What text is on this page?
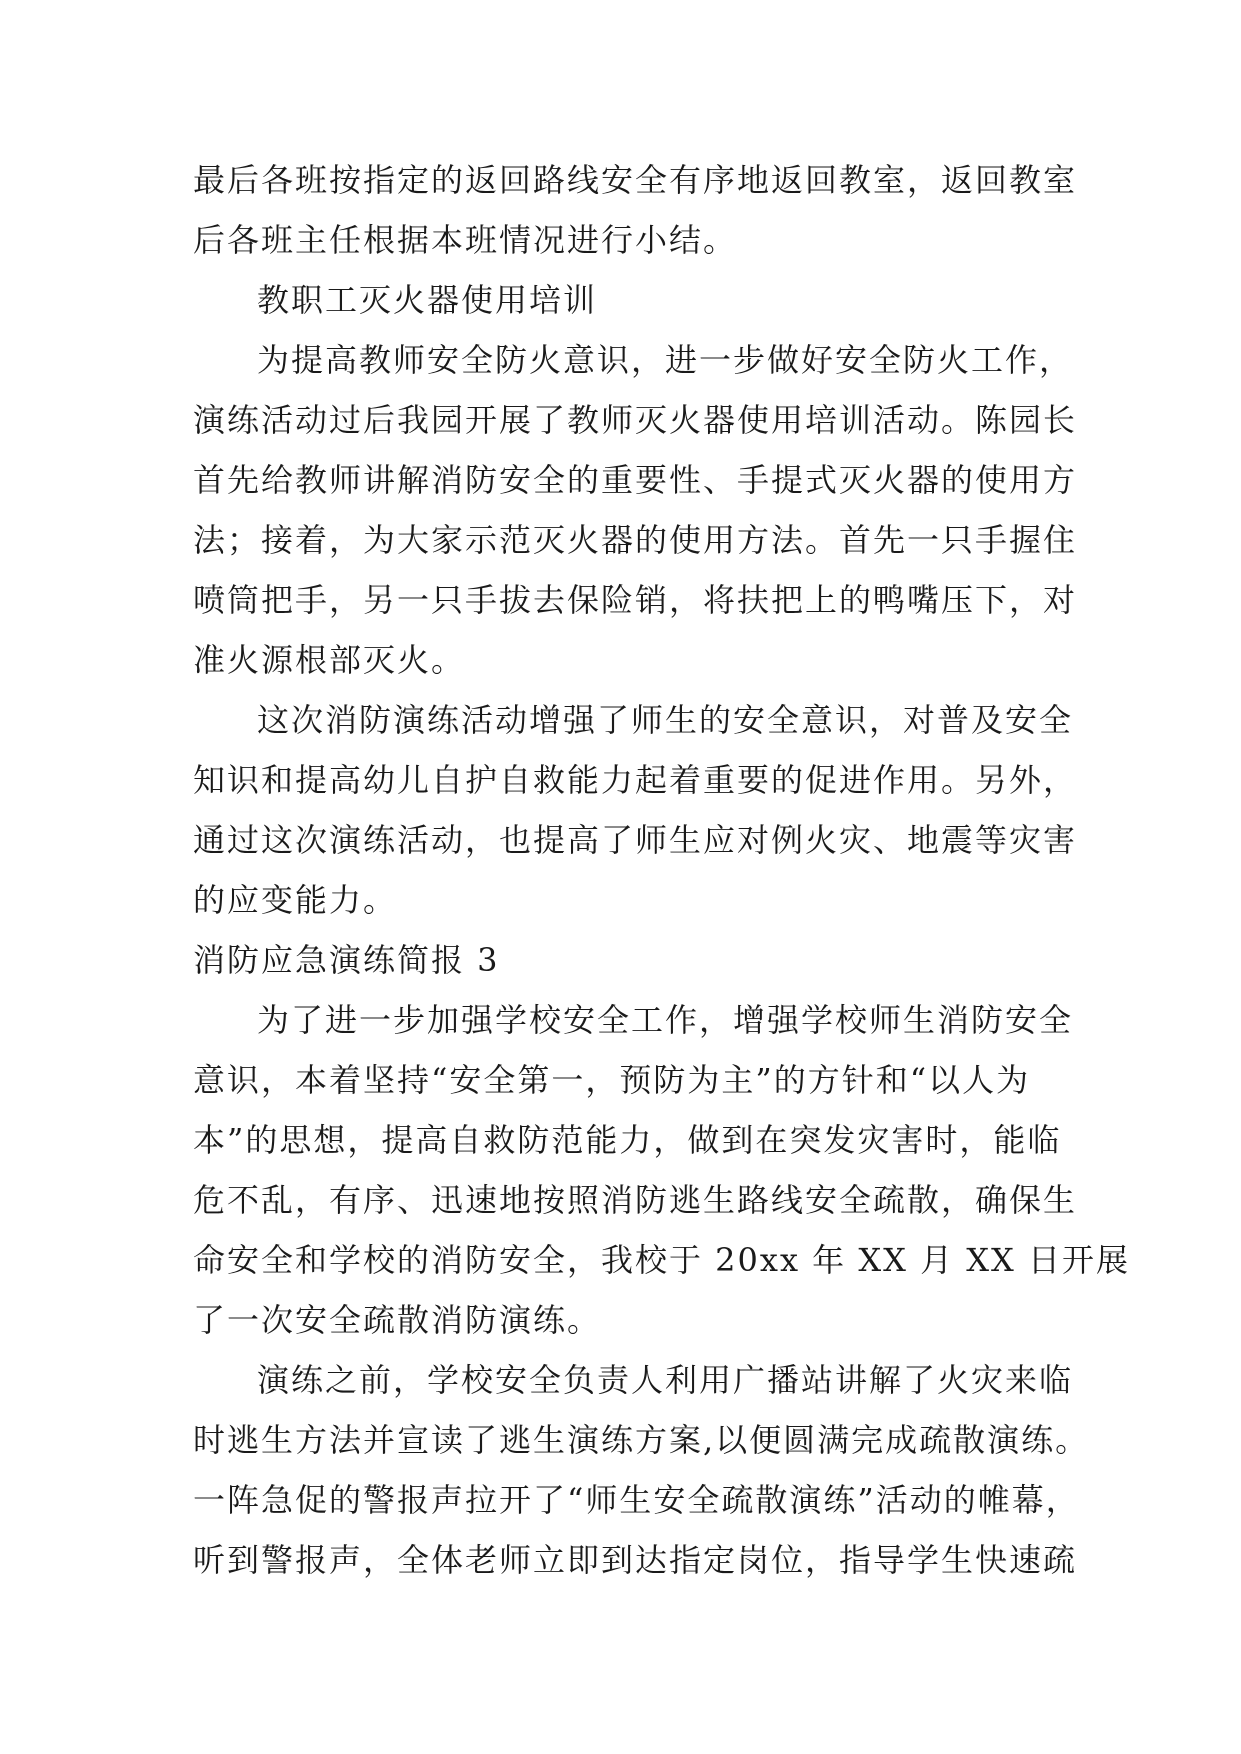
最后各班按指定的返回路线安全有序地返回教室，返回教室
后各班主任根据本班情况进行小结。
教职工灭火器使用培训
为提高教师安全防火意识，进一步做好安全防火工作，
演练活动过后我园开展了教师灭火器使用培训活动。陈园长
首先给教师讲解消防安全的重要性、手提式灭火器的使用方
法；接着，为大家示范灭火器的使用方法。首先一只手握住
喷筒把手，另一只手拔去保险销，将扶把上的鸭嘴压下，对
准火源根部灭火。
这次消防演练活动增强了师生的安全意识，对普及安全
知识和提高幼儿自护自救能力起着重要的促进作用。另外，
通过这次演练活动，也提高了师生应对例火灾、地震等灾害
的应变能力。
消防应急演练简报 3
为了进一步加强学校安全工作，增强学校师生消防安全
意识，本着坚持“安全第一，预防为主”的方针和“以人为
本”的思想，提高自救防范能力，做到在突发灾害时，能临
危不乱，有序、迅速地按照消防逃生路线安全疏散，确保生
命安全和学校的消防安全，我校于 20xx 年 XX 月 XX 日开展
了一次安全疏散消防演练。
演练之前，学校安全负责人利用广播站讲解了火灾来临
时逃生方法并宣读了逃生演练方案,以便圆满完成疏散演练。
一阵急促的警报声拉开了“师生安全疏散演练”活动的帷幕，
听到警报声，全体老师立即到达指定岗位，指导学生快速疏
